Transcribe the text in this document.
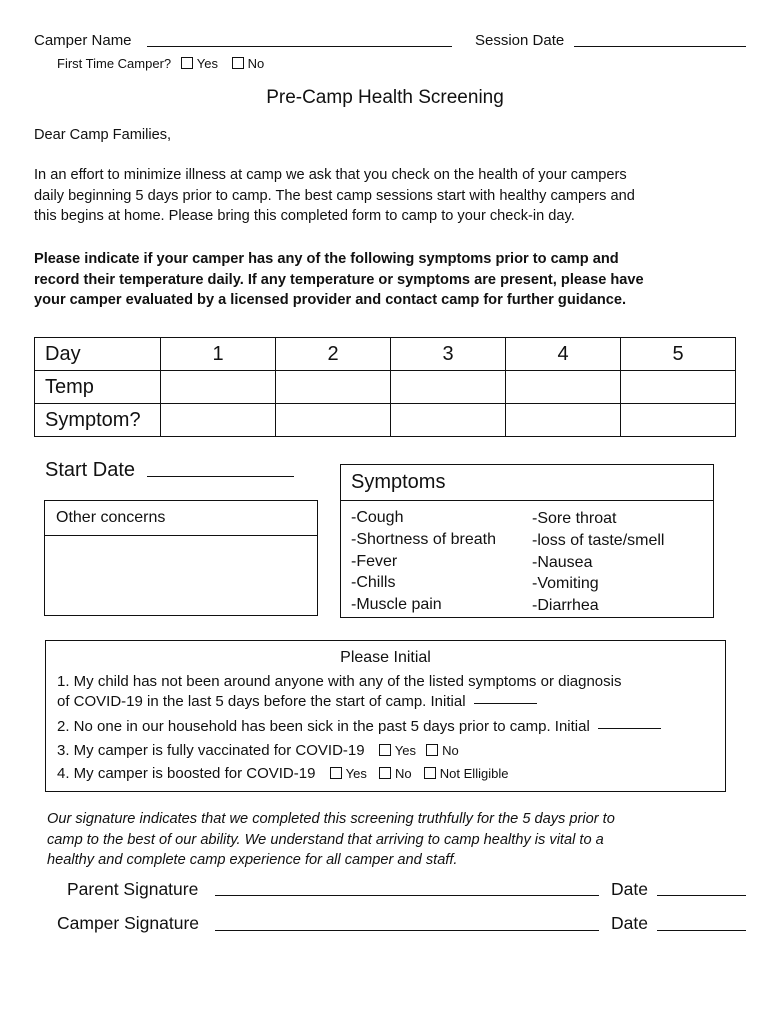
Camper Name	Session Date
First Time Camper? Yes No
Pre-Camp Health Screening
Dear Camp Families,
In an effort to minimize illness at camp we ask that you check on the health of your campers
daily beginning 5 days prior to camp. The best camp sessions start with healthy campers and
this begins at home. Please bring this completed form to camp to your check-in day.
Please indicate if your camper has any of the following symptoms prior to camp and
record their temperature daily. If any temperature or symptoms are present, please have
your camper evaluated by a licensed provider and contact camp for further guidance.
Day	1	2	3	4	5
Temp					
Symptom?					
Start Date
Other concerns
Symptoms
-Cough
-Shortness of breath
-Fever
-Chills
-Muscle pain
-Sore throat
-loss of taste/smell
-Nausea
-Vomiting
-Diarrhea
Please Initial
1. My child has not been around anyone with any of the listed symptoms or diagnosis
of COVID-19 in the last 5 days before the start of camp. Initial
2. No one in our household has been sick in the past 5 days prior to camp. Initial
3. My camper is fully vaccinated for COVID-19 Yes No
4. My camper is boosted for COVID-19 Yes No Not Elligible
Our signature indicates that we completed this screening truthfully for the 5 days prior to
camp to the best of our ability. We understand that arriving to camp healthy is vital to a
healthy and complete camp experience for all camper and staff.
Parent Signature	Date
Camper Signature	Date
